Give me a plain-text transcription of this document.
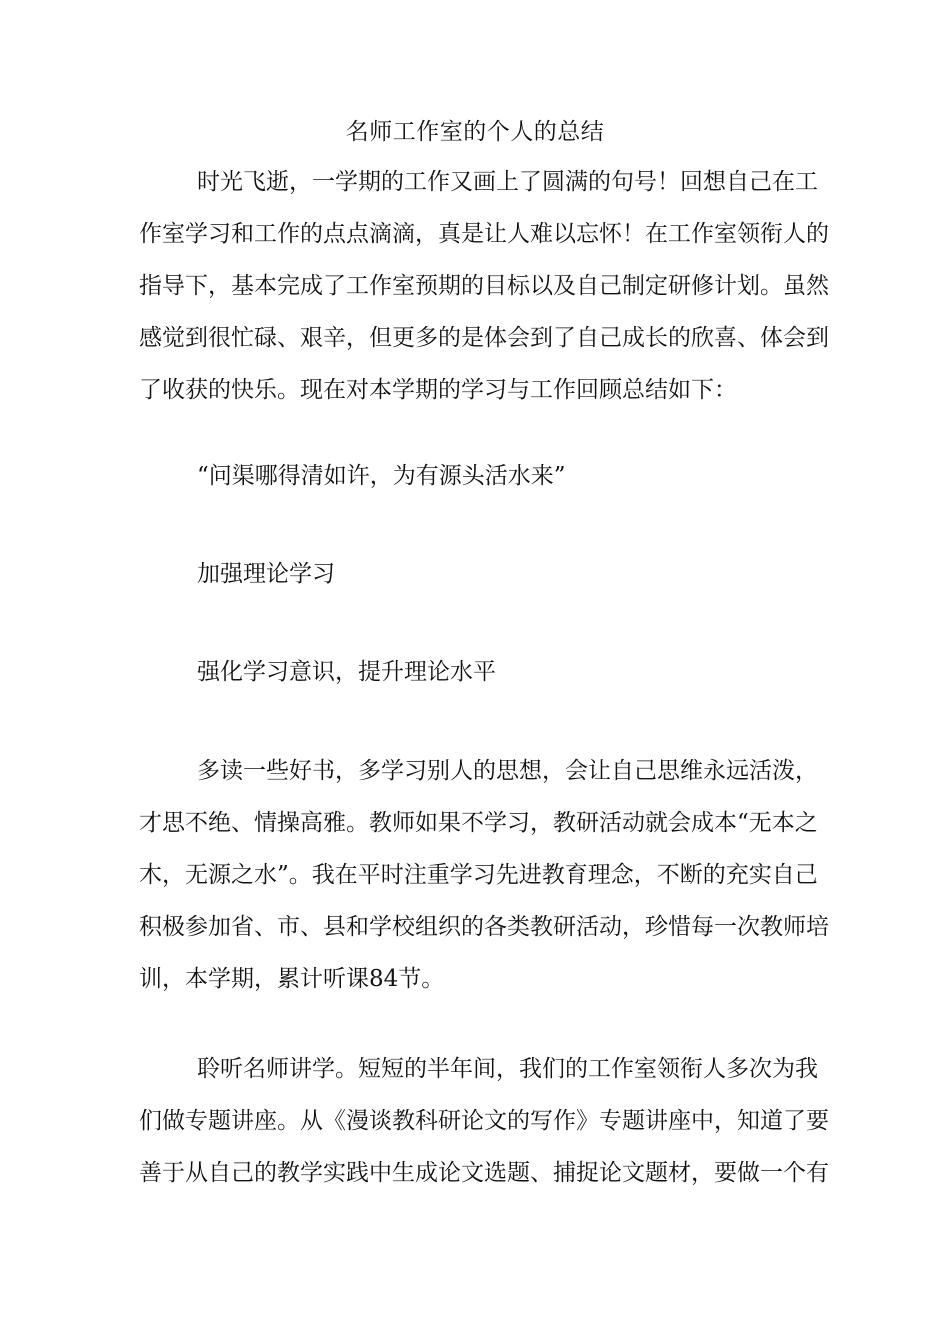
名师工作室的个人的总结
时光飞逝，一学期的工作又画上了圆满的句号！回想自己在工
作室学习和工作的点点滴滴，真是让人难以忘怀！在工作室领衔人的
指导下，基本完成了工作室预期的目标以及自己制定研修计划。虽然
感觉到很忙碌、艰辛，但更多的是体会到了自己成长的欣喜、体会到
了收获的快乐。现在对本学期的学习与工作回顾总结如下：
“问渠哪得清如许，为有源头活水来”
加强理论学习
强化学习意识，提升理论水平
多读一些好书，多学习别人的思想，会让自己思维永远活泼，
才思不绝、情操高雅。教师如果不学习，教研活动就会成本“无本之
木，无源之水”。我在平时注重学习先进教育理念，不断的充实自己
积极参加省、市、县和学校组织的各类教研活动，珍惜每一次教师培
训，本学期，累计听课84节。
聆听名师讲学。短短的半年间，我们的工作室领衔人多次为我
们做专题讲座。从《漫谈教科研论文的写作》专题讲座中，知道了要
善于从自己的教学实践中生成论文选题、捕捉论文题材，要做一个有
